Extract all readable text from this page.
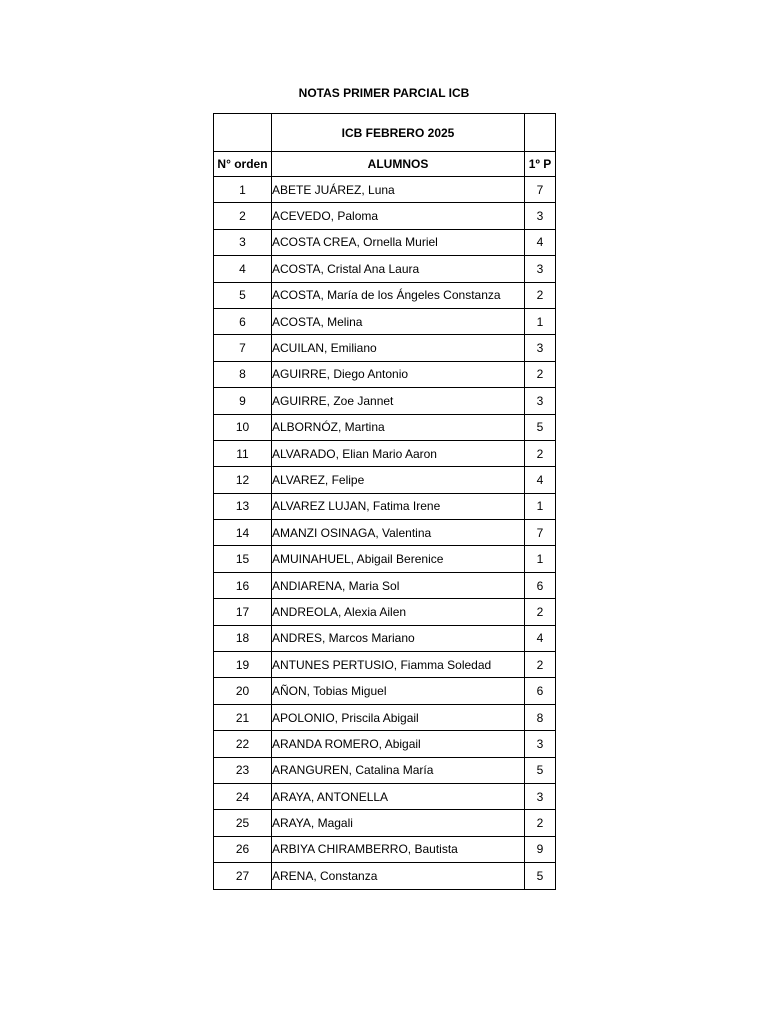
NOTAS PRIMER PARCIAL ICB
	ICB FEBRERO 2025	
N° orden	ALUMNOS	1º P
1	ABETE JUÁREZ, Luna	7
2	ACEVEDO, Paloma	3
3	ACOSTA CREA, Ornella Muriel	4
4	ACOSTA, Cristal Ana Laura	3
5	ACOSTA, María de los Ángeles Constanza	2
6	ACOSTA, Melina	1
7	ACUILAN, Emiliano	3
8	AGUIRRE, Diego Antonio	2
9	AGUIRRE, Zoe Jannet	3
10	ALBORNÓZ, Martina	5
11	ALVARADO, Elian Mario Aaron	2
12	ALVAREZ, Felipe	4
13	ALVAREZ LUJAN, Fatima Irene	1
14	AMANZI OSINAGA, Valentina	7
15	AMUINAHUEL, Abigail Berenice	1
16	ANDIARENA, Maria Sol	6
17	ANDREOLA, Alexia Ailen	2
18	ANDRES, Marcos Mariano	4
19	ANTUNES PERTUSIO, Fiamma Soledad	2
20	AÑON, Tobias Miguel	6
21	APOLONIO, Priscila Abigail	8
22	ARANDA ROMERO, Abigail	3
23	ARANGUREN, Catalina María	5
24	ARAYA, ANTONELLA	3
25	ARAYA, Magali	2
26	ARBIYA CHIRAMBERRO, Bautista	9
27	ARENA, Constanza	5
